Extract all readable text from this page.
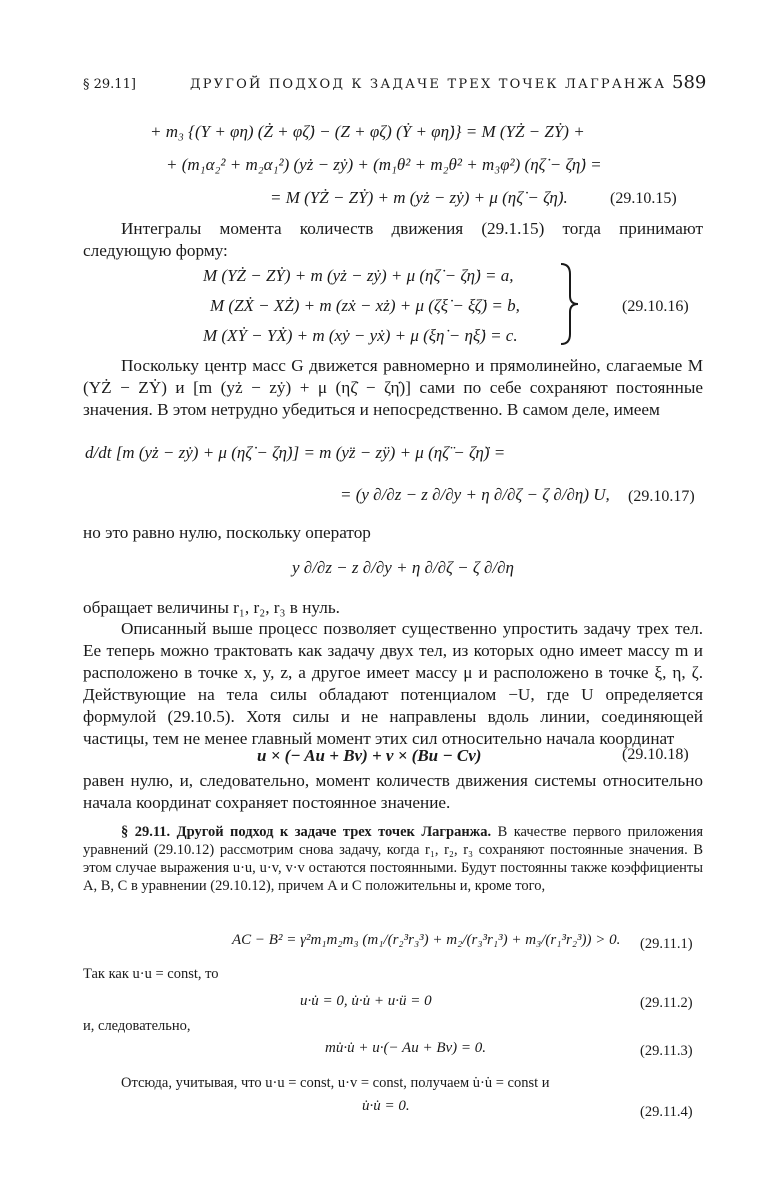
§ 29.11]	ДРУГОЙ ПОДХОД К ЗАДАЧЕ ТРЕХ ТОЧЕК ЛАГРАНЖА 589
+ m₃ {(Y + φη) (Ż + φζ̇) − (Z + φζ) (Ẏ + φη̇)} = M (YŻ − ZẎ) +
+ (m₁α₂² + m₂α₁²) (yż − zẏ) + (m₁θ² + m₂θ² + m₃φ²) (ηζ̇ − ζη̇) =
= M (YŻ − ZẎ) + m (yż − zẏ) + μ (ηζ̇ − ζη̇).	(29.10.15)
Интегралы момента количеств движения (29.1.15) тогда принимают следующую форму:
M (YŻ − ZẎ) + m (yż − zẏ) + μ (ηζ̇ − ζη̇) = a,
M (ZẊ − XŻ) + m (zẋ − xż) + μ (ζξ̇ − ξζ̇) = b,
M (XẎ − YẊ) + m (xẏ − yẋ) + μ (ξη̇ − ηξ̇) = c.
(29.10.16)
Поскольку центр масс G движется равномерно и прямолинейно, слагаемые M (YŻ − ZẎ) и [m (yż − zẏ) + μ (ηζ̇ − ζη̇)] сами по себе сохраняют постоянные значения. В этом нетрудно убедиться и непосредственно. В самом деле, имеем
d/dt [m (yż − zẏ) + μ (ηζ̇ − ζη̇)] = m (yz̈ − zÿ) + μ (ηζ̈ − ζη̈) =
= (y ∂/∂z − z ∂/∂y + η ∂/∂ζ − ζ ∂/∂η) U, (29.10.17)
но это равно нулю, поскольку оператор
y ∂/∂z − z ∂/∂y + η ∂/∂ζ − ζ ∂/∂η
обращает величины r₁, r₂, r₃ в нуль.
Описанный выше процесс позволяет существенно упростить задачу трех тел. Ее теперь можно трактовать как задачу двух тел, из которых одно имеет массу m и расположено в точке x, y, z, а другое имеет массу μ и расположено в точке ξ, η, ζ. Действующие на тела силы обладают потенциалом −U, где U определяется формулой (29.10.5). Хотя силы и не направлены вдоль линии, соединяющей частицы, тем не менее главный момент этих сил относительно начала координат
u × (− Au + Bv) + v × (Bu − Cv)	(29.10.18)
равен нулю, и, следовательно, момент количеств движения системы относительно начала координат сохраняет постоянное значение.
§ 29.11. Другой подход к задаче трех точек Лагранжа. В качестве первого приложения уравнений (29.10.12) рассмотрим снова задачу, когда r₁, r₂, r₃ сохраняют постоянные значения. В этом случае выражения u·u, u·v, v·v остаются постоянными. Будут постоянны также коэффициенты A, B, C в уравнении (29.10.12), причем A и C положительны и, кроме того,
AC − B² = γ²m₁m₂m₃ (m₁/(r₂³r₃³) + m₂/(r₃³r₁³) + m₃/(r₁³r₂³)) > 0. (29.11.1)
Так как u·u = const, то
u·u̇ = 0, u̇·u̇ + u·ü = 0	(29.11.2)
и, следовательно,
mu̇·u̇ + u·(− Au + Bv) = 0.	(29.11.3)
Отсюда, учитывая, что u·u = const, u·v = const, получаем u̇·u̇ = const и
u̇·u̇ = 0.	(29.11.4)
